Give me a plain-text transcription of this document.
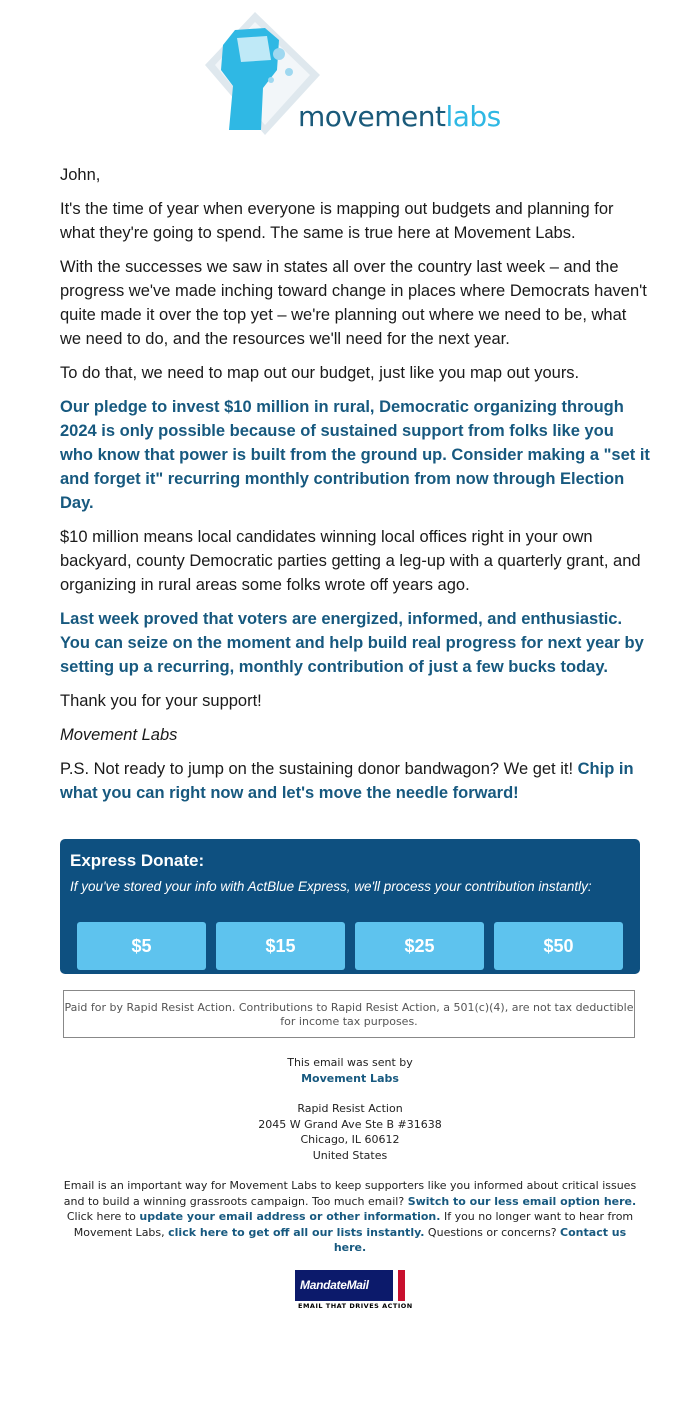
movementlabs

John,

It's the time of year when everyone is mapping out budgets and planning for what they're going to spend. The same is true here at Movement Labs.

With the successes we saw in states all over the country last week – and the progress we've made inching toward change in places where Democrats haven't quite made it over the top yet – we're planning out where we need to be, what we need to do, and the resources we'll need for the next year.

To do that, we need to map out our budget, just like you map out yours.

Our pledge to invest $10 million in rural, Democratic organizing through 2024 is only possible because of sustained support from folks like you who know that power is built from the ground up. Consider making a "set it and forget it" recurring monthly contribution from now through Election Day.

$10 million means local candidates winning local offices right in your own backyard, county Democratic parties getting a leg-up with a quarterly grant, and organizing in rural areas some folks wrote off years ago.

Last week proved that voters are energized, informed, and enthusiastic. You can seize on the moment and help build real progress for next year by setting up a recurring, monthly contribution of just a few bucks today.

Thank you for your support!

Movement Labs

P.S. Not ready to jump on the sustaining donor bandwagon? We get it! Chip in what you can right now and let's move the needle forward!

Express Donate:
If you've stored your info with ActBlue Express, we'll process your contribution instantly:
$5	$15	$25	$50
Paid for by Rapid Resist Action. Contributions to Rapid Resist Action, a 501(c)(4), are not tax deductible for income tax purposes.
This email was sent by
Movement Labs
Rapid Resist Action
2045 W Grand Ave Ste B #31638
Chicago, IL 60612
United States
Email is an important way for Movement Labs to keep supporters like you informed about critical issues and to build a winning grassroots campaign. Too much email? Switch to our less email option here. Click here to update your email address or other information. If you no longer want to hear from Movement Labs, click here to get off all our lists instantly. Questions or concerns? Contact us here.
MandateMail
EMAIL THAT DRIVES ACTION
